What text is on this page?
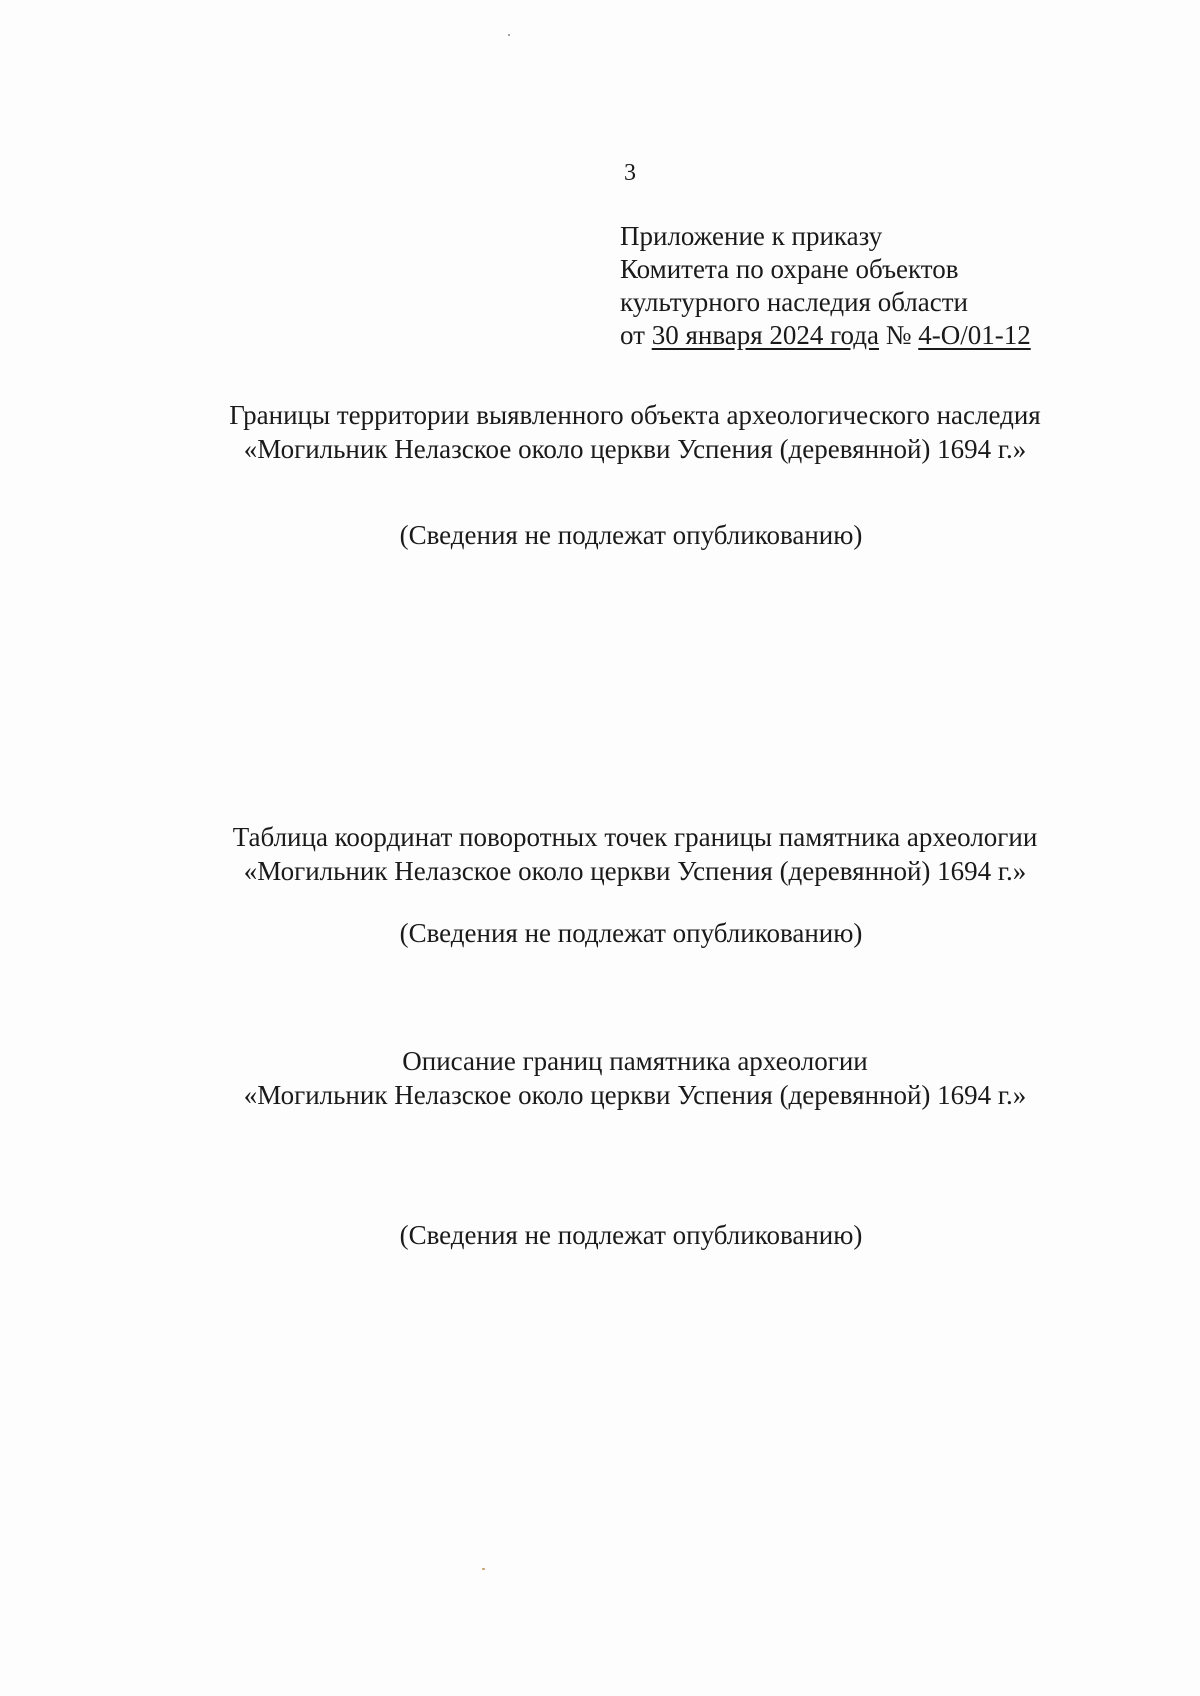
3
Приложение к приказу
Комитета по охране объектов
культурного наследия области
от 30 января 2024 года № 4-О/01-12
Границы территории выявленного объекта археологического наследия
«Могильник Нелазское около церкви Успения (деревянной) 1694 г.»
(Сведения не подлежат опубликованию)
Таблица координат поворотных точек границы памятника археологии
«Могильник Нелазское около церкви Успения (деревянной) 1694 г.»
(Сведения не подлежат опубликованию)
Описание границ памятника археологии
«Могильник Нелазское около церкви Успения (деревянной) 1694 г.»
(Сведения не подлежат опубликованию)
